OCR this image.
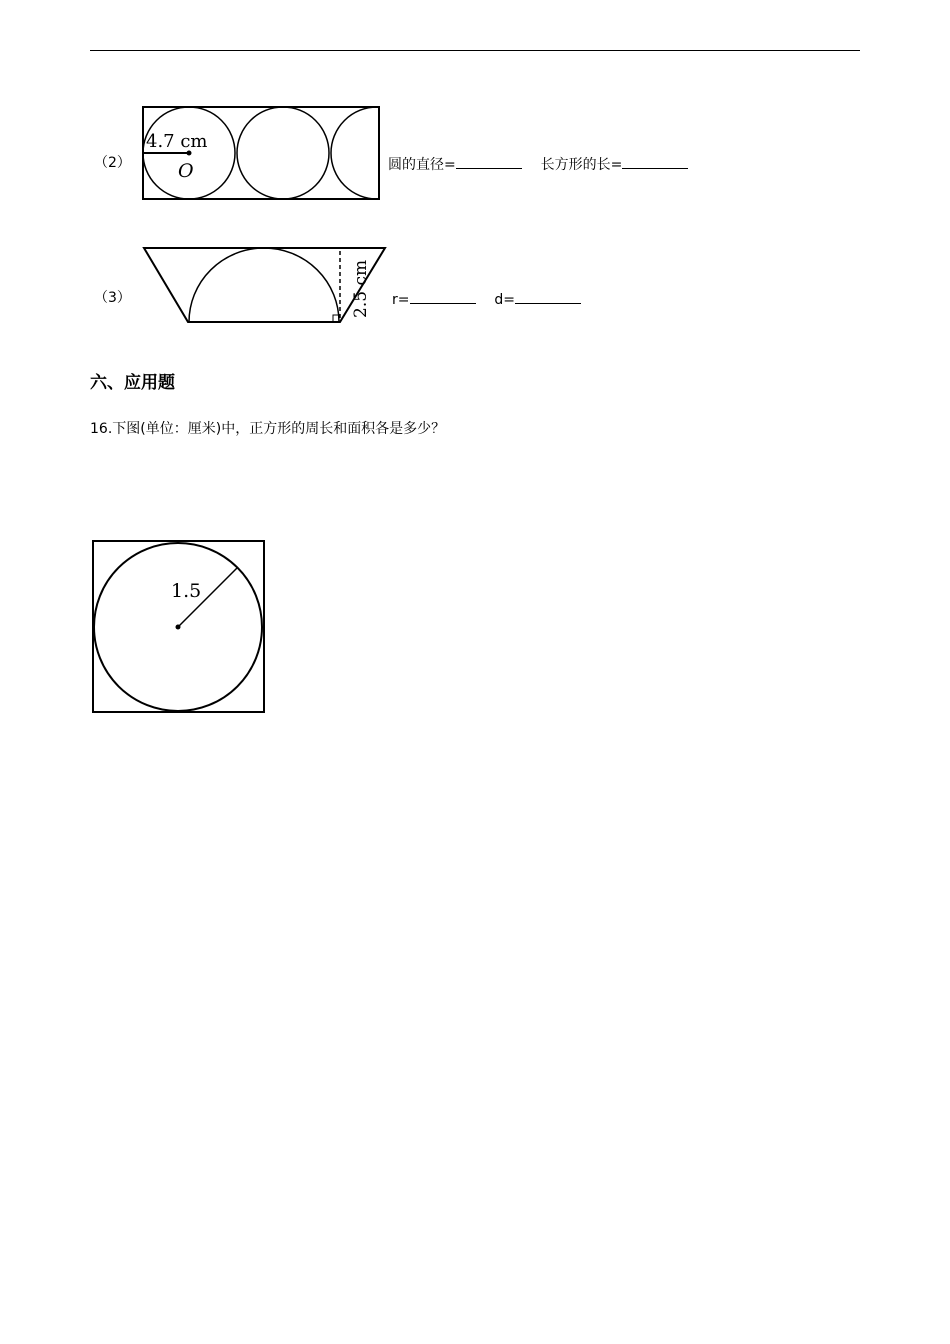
（2）
4.7 cm
O	圆的直径=	长方形的长=
（3）	2.5 cm r=	d=
六、应用题
16.下图(单位：厘米)中，正方形的周长和面积各是多少？
1.5
